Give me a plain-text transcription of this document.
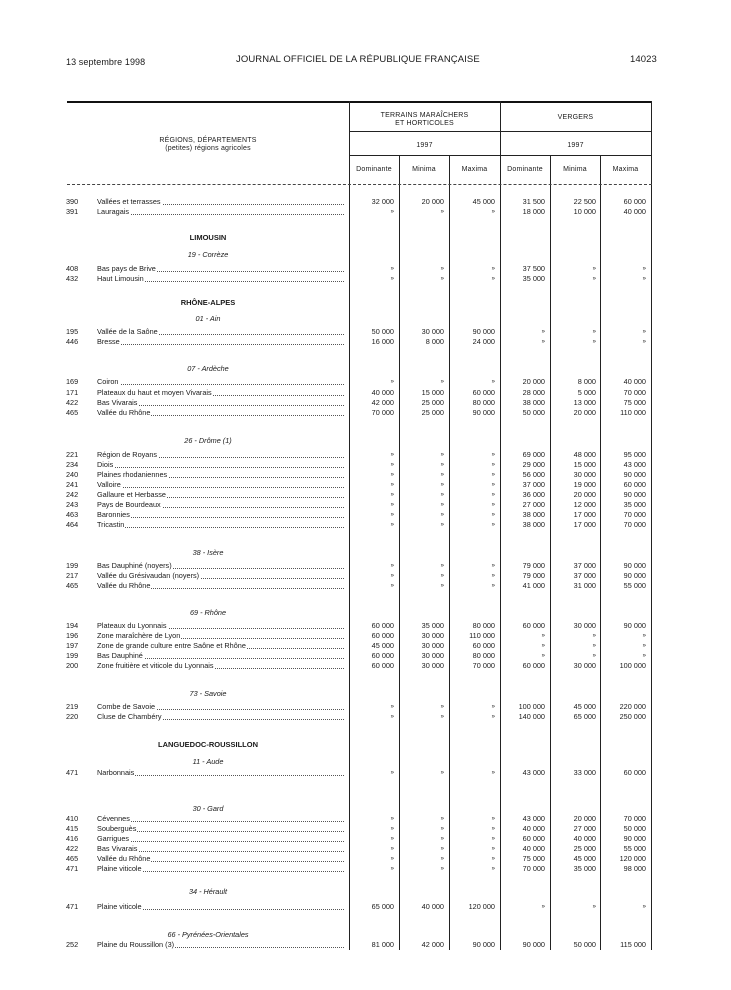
13 septembre 1998	JOURNAL OFFICIEL DE LA RÉPUBLIQUE FRANÇAISE	14023
RÉGIONS, DÉPARTEMENTS
(petites) régions agricoles
TERRAINS MARAÎCHERS
ET HORTICOLES
VERGERS
1997	1997
Dominante	Minima	Maxima	Dominante	Minima	Maxima
390	Vallées et terrasses	32 000	20 000	45 000	31 500	22 500	60 000
391	Lauragais	»	»	»	18 000	10 000	40 000
LIMOUSIN
19 - Corrèze
408	Bas pays de Brive	»	»	»	37 500	»	»
432	Haut Limousin	»	»	»	35 000	»	»
RHÔNE-ALPES
01 - Ain
195	Vallée de la Saône	50 000	30 000	90 000	»	»	»
446	Bresse	16 000	8 000	24 000	»	»	»
07 - Ardèche
169	Coiron	»	»	»	20 000	8 000	40 000
171	Plateaux du haut et moyen Vivarais	40 000	15 000	60 000	28 000	5 000	70 000
422	Bas Vivarais	42 000	25 000	80 000	38 000	13 000	75 000
465	Vallée du Rhône	70 000	25 000	90 000	50 000	20 000	110 000
26 - Drôme (1)
221	Région de Royans	»	»	»	69 000	48 000	95 000
234	Diois	»	»	»	29 000	15 000	43 000
240	Plaines rhodaniennes	»	»	»	56 000	30 000	90 000
241	Valloire	»	»	»	37 000	19 000	60 000
242	Gallaure et Herbasse	»	»	»	36 000	20 000	90 000
243	Pays de Bourdeaux	»	»	»	27 000	12 000	35 000
463	Baronnies	»	»	»	38 000	17 000	70 000
464	Tricastin	»	»	»	38 000	17 000	70 000
38 - Isère
199	Bas Dauphiné (noyers)	»	»	»	79 000	37 000	90 000
217	Vallée du Grésivaudan (noyers)	»	»	»	79 000	37 000	90 000
465	Vallée du Rhône	»	»	»	41 000	31 000	55 000
69 - Rhône
194	Plateaux du Lyonnais	60 000	35 000	80 000	60 000	30 000	90 000
196	Zone maraîchère de Lyon	60 000	30 000	110 000	»	»	»
197	Zone de grande culture entre Saône et Rhône	45 000	30 000	60 000	»	»	»
199	Bas Dauphiné	60 000	30 000	80 000	»	»	»
200	Zone fruitière et viticole du Lyonnais	60 000	30 000	70 000	60 000	30 000	100 000
73 - Savoie
219	Combe de Savoie	»	»	»	100 000	45 000	220 000
220	Cluse de Chambéry	»	»	»	140 000	65 000	250 000
LANGUEDOC-ROUSSILLON
11 - Aude
471	Narbonnais	»	»	»	43 000	33 000	60 000
30 - Gard
410	Cévennes	»	»	»	43 000	20 000	70 000
415	Souberguès	»	»	»	40 000	27 000	50 000
416	Garrigues	»	»	»	60 000	40 000	90 000
422	Bas Vivarais	»	»	»	40 000	25 000	55 000
465	Vallée du Rhône	»	»	»	75 000	45 000	120 000
471	Plaine viticole	»	»	»	70 000	35 000	98 000
34 - Hérault
471	Plaine viticole	65 000	40 000	120 000	»	»	»
66 - Pyrénées-Orientales
252	Plaine du Roussillon (3)	81 000	42 000	90 000	90 000	50 000	115 000
